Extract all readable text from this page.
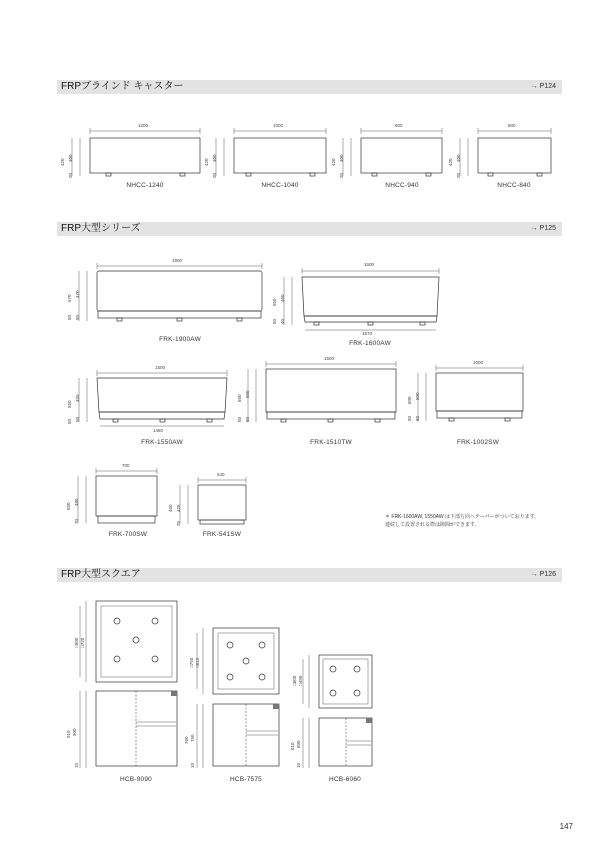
FRPブラインド キャスター	→ P124
FRP大型シリーズ	→ P125
FRP大型スクエア	→ P126
1200
420
400
20
NHCC-1240
1000
420
400
20
NHCC-1040
900
420
400
20
NHCC-940
800
420
400
20
NHCC-840
1900
570
470
50
50
FRK-1900AW
1600
1570
550
460
40
50
FRK-1600AW
1500
1460
550
450
50
50
FRK-1550AW
1500
650
550
50
50
FRK-1510TW
1000
600
500
50
50
FRK-1002SW
700
550
480
70
FRK-700SW
540
450 425
25
FRK-541SW
＊ FRK-1600AW, 1550AW は下部方向へテーパーがついております。
連続して設置される際は隙間ができます。
□900 □720
910 900
10
HCB-9090
□750 □610
760 750
10
HCB-7575
□600 □490
610 600
10
HCB-6060
147
